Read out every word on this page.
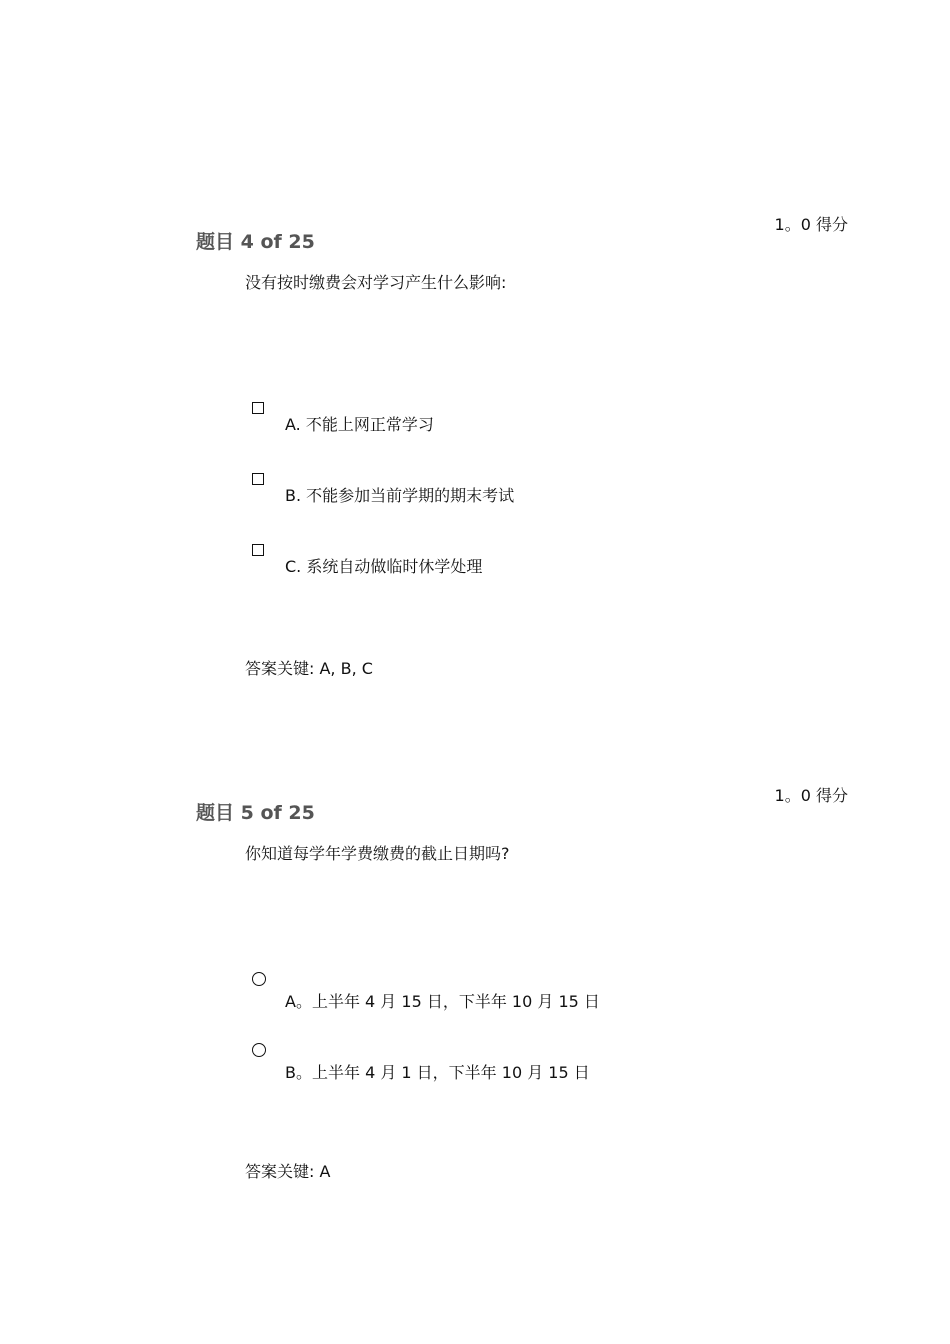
1。0 得分
题目 4 of 25
没有按时缴费会对学习产生什么影响:
A. 不能上网正常学习
B. 不能参加当前学期的期末考试
C. 系统自动做临时休学处理
答案关键: A, B, C
1。0 得分
题目 5 of 25
你知道每学年学费缴费的截止日期吗?
A。上半年 4 月 15 日，下半年 10 月 15 日
B。上半年 4 月 1 日，下半年 10 月 15 日
答案关键: A
